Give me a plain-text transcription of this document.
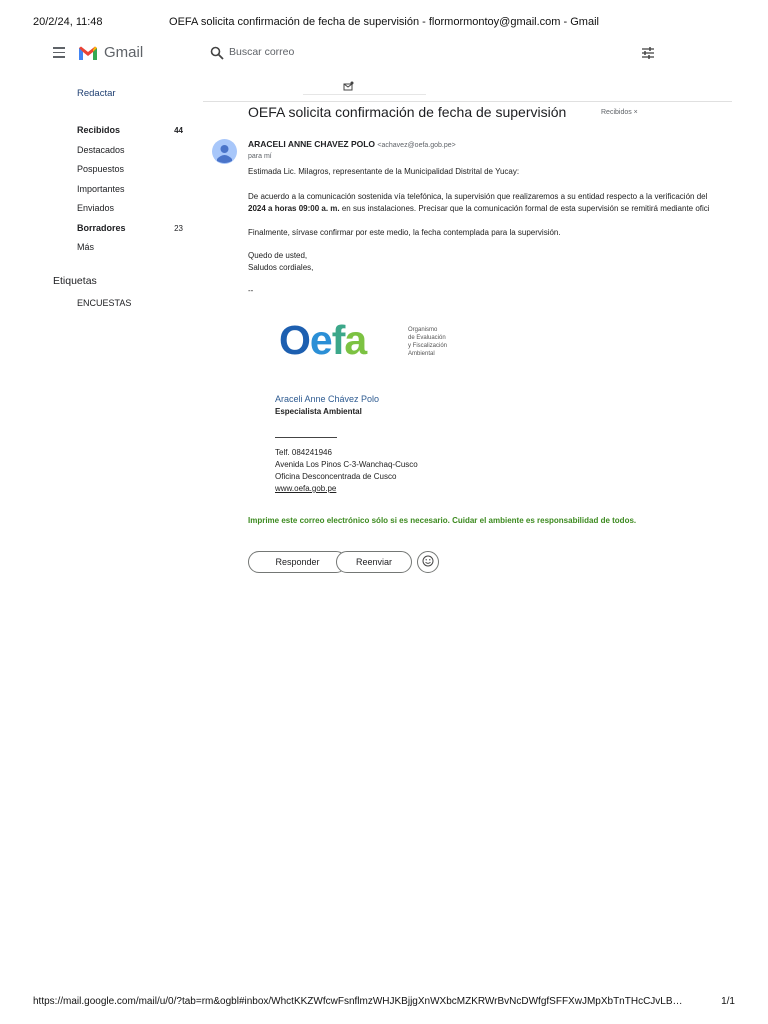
20/2/24, 11:48	OEFA solicita confirmación de fecha de supervisión - flormormontoy@gmail.com - Gmail
Gmail	Buscar correo
Redactar
Recibidos	44
Destacados
Pospuestos
Importantes
Enviados
Borradores	23
Más
Etiquetas
ENCUESTAS
OEFA solicita confirmación de fecha de supervisión	Recibidos ×
ARACELI ANNE CHAVEZ POLO <achavez@oefa.gob.pe>
para mí
Estimada Lic. Milagros, representante de la Municipalidad Distrital de Yucay:
De acuerdo a la comunicación sostenida vía telefónica, la supervisión que realizaremos a su entidad respecto a la verificación del
2024 a horas 09:00 a. m. en sus instalaciones. Precisar que la comunicación formal de esta supervisión se remitirá mediante ofici
Finalmente, sírvase confirmar por este medio, la fecha contemplada para la supervisión.
Quedo de usted,
Saludos cordiales,
--
Oefa	Organismo
de Evaluación
y Fiscalización
Ambiental
Araceli Anne Chávez Polo
Especialista Ambiental
Telf. 084241946
Avenida Los Pinos C-3-Wanchaq-Cusco
Oficina Desconcentrada de Cusco
www.oefa.gob.pe
Imprime este correo electrónico sólo si es necesario. Cuidar el ambiente es responsabilidad de todos.
Responder	Reenviar
https://mail.google.com/mail/u/0/?tab=rm&ogbl#inbox/WhctKKZWfcwFsnflmzWHJKBjjgXnWXbcMZKRWrBvNcDWfgfSFFXwJMpXbTnTHcCJvLB…	1/1
